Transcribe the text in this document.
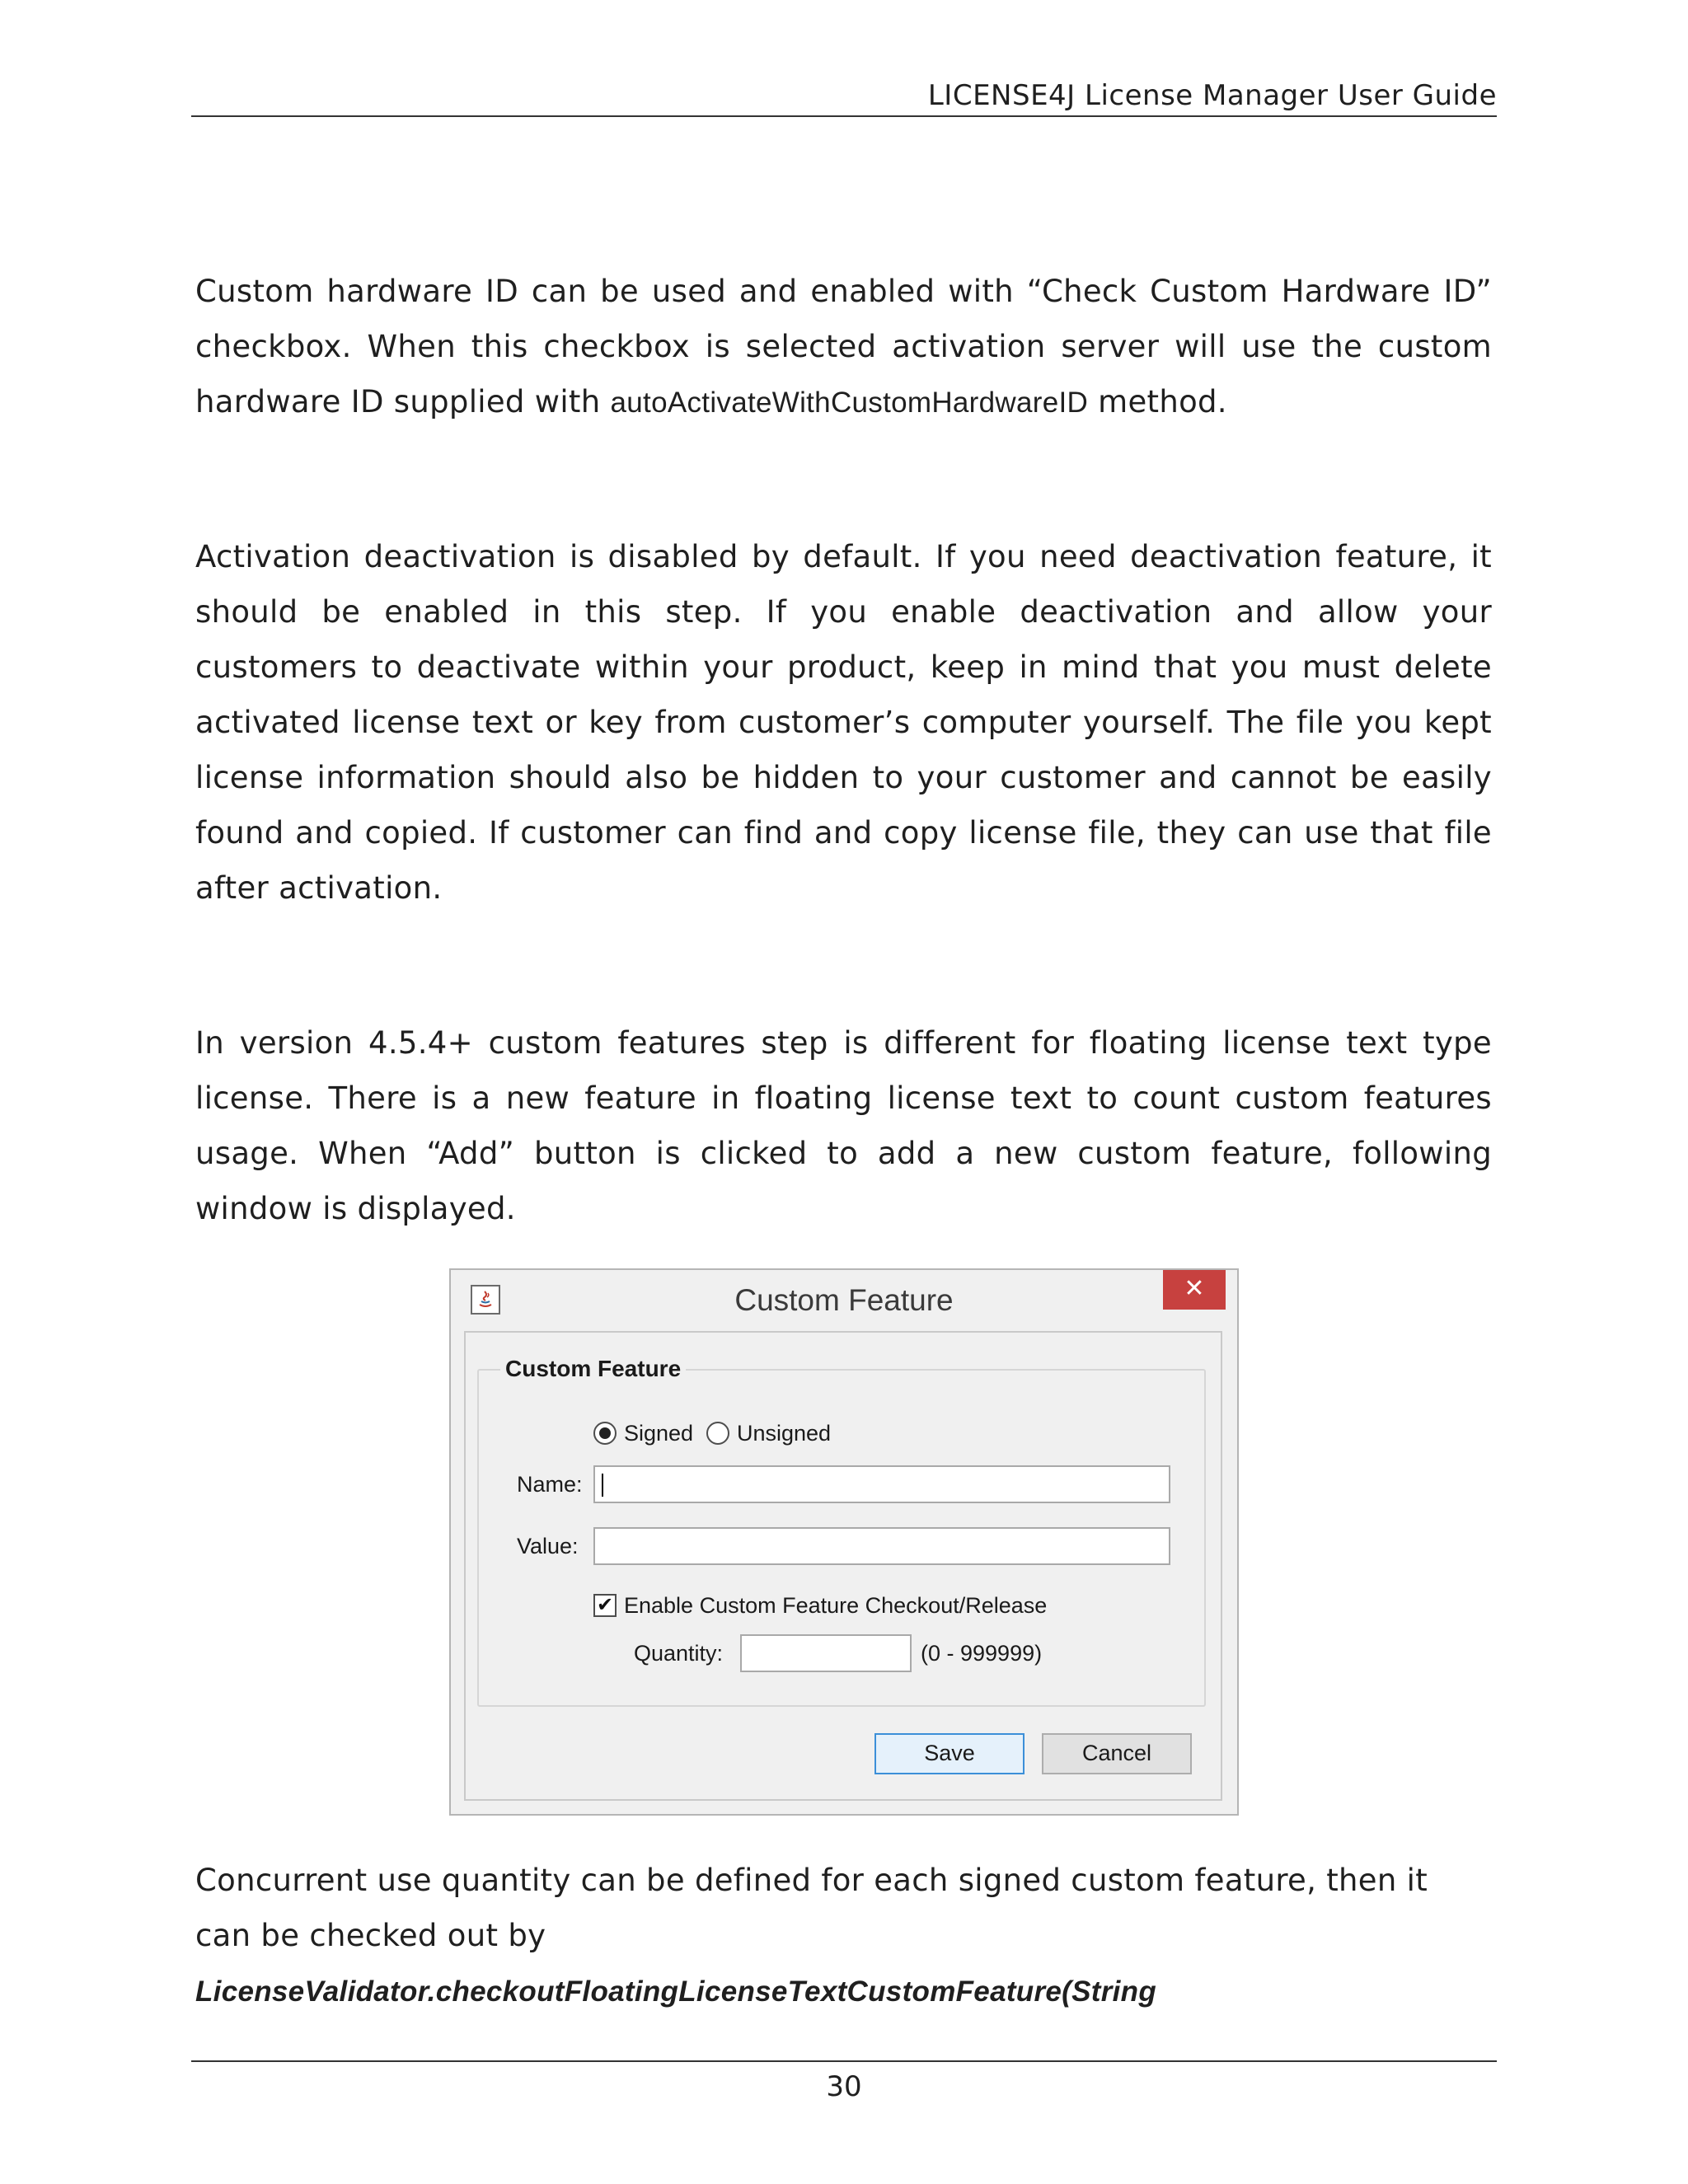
LICENSE4J License Manager User Guide

Custom hardware ID can be used and enabled with “Check Custom Hardware ID” checkbox. When this checkbox is selected activation server will use the custom hardware ID supplied with autoActivateWithCustomHardwareID method.

Activation deactivation is disabled by default. If you need deactivation feature, it should be enabled in this step. If you enable deactivation and allow your customers to deactivate within your product, keep in mind that you must delete activated license text or key from customer’s computer yourself. The file you kept license information should also be hidden to your customer and cannot be easily found and copied. If customer can find and copy license file, they can use that file after activation.

In version 4.5.4+ custom features step is different for floating license text type license. There is a new feature in floating license text to count custom features usage. When “Add” button is clicked to add a new custom feature, following window is displayed.

Custom Feature	✕
Custom Feature
Signed Unsigned
Name:
Value:
✔ Enable Custom Feature Checkout/Release
Quantity:	(0 - 999999)
Save	Cancel

Concurrent use quantity can be defined for each signed custom feature, then it can be checked out by LicenseValidator.checkoutFloatingLicenseTextCustomFeature(String

30
